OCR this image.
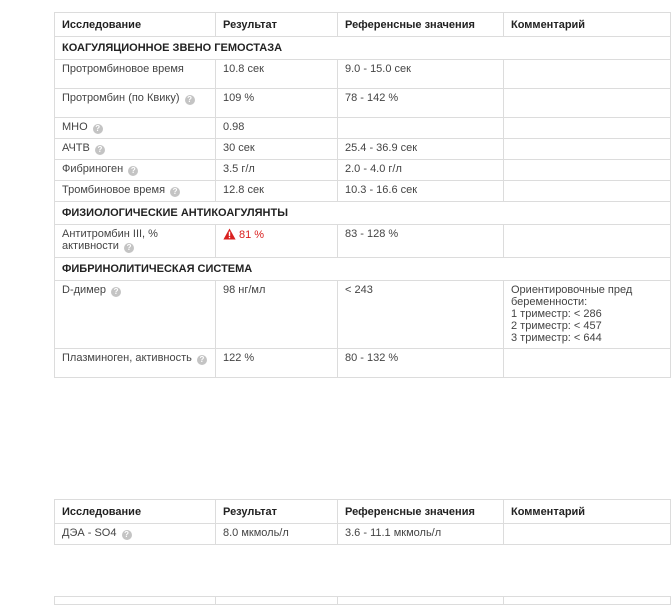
Исследование	Результат	Референсные значения	Комментарий
КОАГУЛЯЦИОННОЕ ЗВЕНО ГЕМОСТАЗА			
Протромбиновое время	10.8 сек	9.0 - 15.0 сек	
Протромбин (по Квику) ?	109 %	78 - 142 %	
МНО ?	0.98		
АЧТВ ?	30 сек	25.4 - 36.9 сек	
Фибриноген ?	3.5 г/л	2.0 - 4.0 г/л	
Тромбиновое время ?	12.8 сек	10.3 - 16.6 сек	
ФИЗИОЛОГИЧЕСКИЕ АНТИКОАГУЛЯНТЫ			
Антитромбин III, % активности ?	81 %	83 - 128 %	
ФИБРИНОЛИТИЧЕСКАЯ СИСТЕМА			
D-димер ?	98 нг/мл	< 243	Ориентировочные пред
беременности:
1 триместр: < 286
2 триместр: < 457
3 триместр: < 644

Плазминоген, активность ?	122 %	80 - 132 %	
Исследование	Результат	Референсные значения	Комментарий
ДЭА - SO4 ?	8.0 мкмоль/л	3.6 - 11.1 мкмоль/л	
